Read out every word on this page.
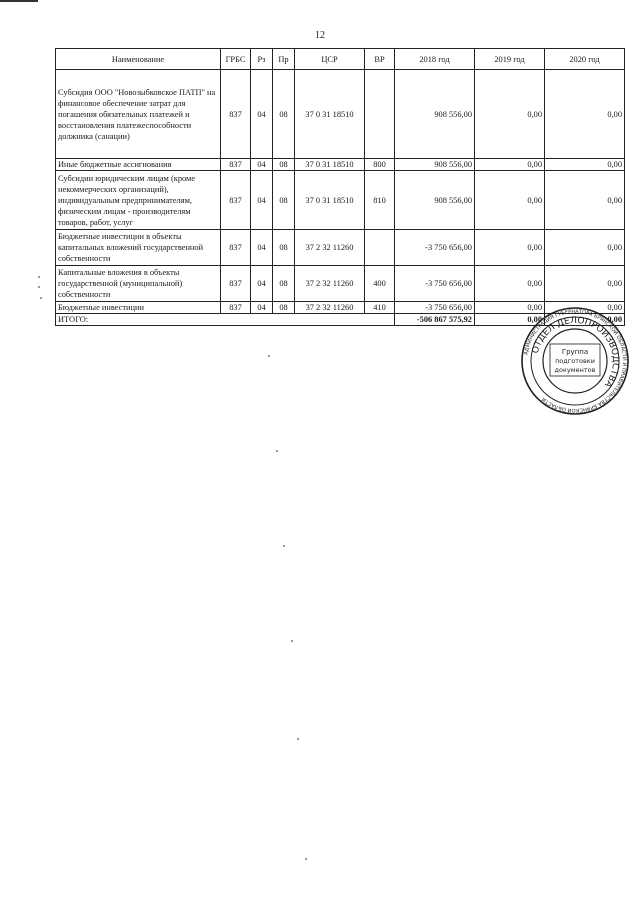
12
Наименование	ГРБС	Рз	Пр	ЦСР	ВР	2018 год	2019 год	2020 год
Субсидия ООО "Новозыбковское ПАТП" на финансовое обеспечение затрат для погашения обязательных платежей и восстановления платежеспособности должника (санации)	837	04	08	37 0 31 18510		908 556,00	0,00	0,00
Иные бюджетные ассигнования	837	04	08	37 0 31 18510	800	908 556,00	0,00	0,00
Субсидии юридическим лицам (кроме некоммерческих организаций), индивидуальным предпринимателям, физическим лицам - производителям товаров, работ, услуг	837	04	08	37 0 31 18510	810	908 556,00	0,00	0,00
Бюджетные инвестиции в объекты капитальных вложений государственной собственности	837	04	08	37 2 32 11260		-3 750 656,00	0,00	0,00
Капитальные вложения в объекты государственной (муниципальной) собственности	837	04	08	37 2 32 11260	400	-3 750 656,00	0,00	0,00
Бюджетные инвестиции	837	04	08	37 2 32 11260	410	-3 750 656,00	0,00	0,00
ИТОГО:						-506 867 575,92	0,00	0,00
АДМИНИСТРАЦИЯ ГУБЕРНАТОРА БРЯНСКОЙ ОБЛАСТИ И ПРАВИТЕЛЬСТВА БРЯНСКОЙ ОБЛАСТИ
ОТДЕЛ ДЕЛОПРОИЗВОДСТВА
Группа
подготовки
документов
